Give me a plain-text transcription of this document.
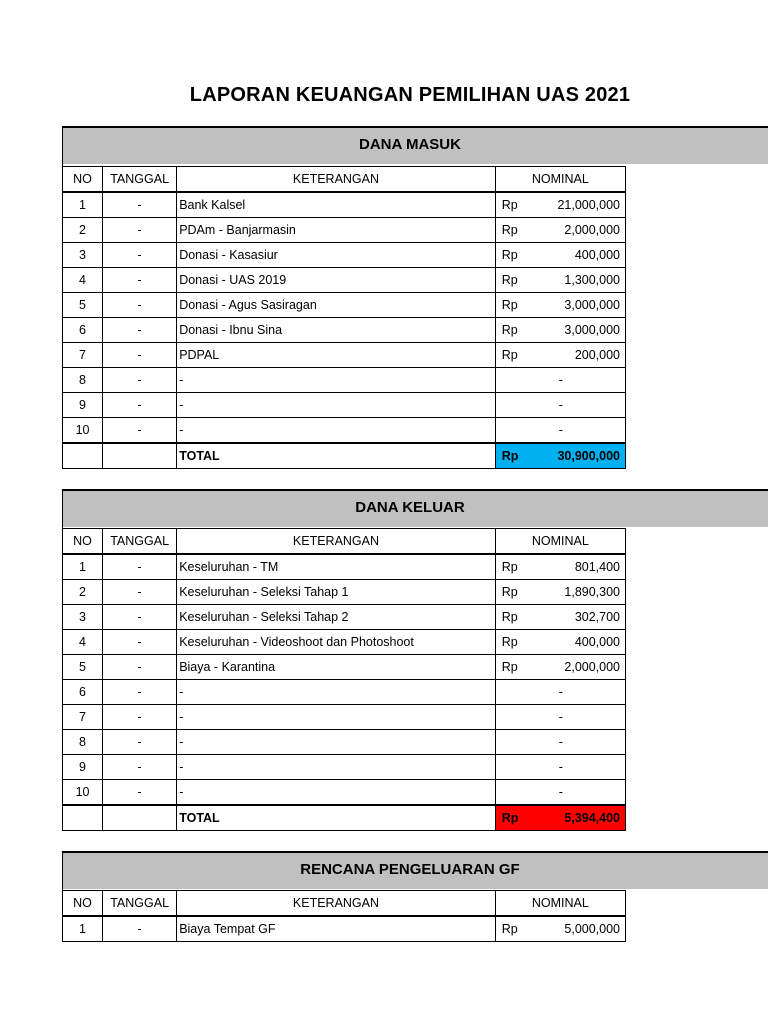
LAPORAN KEUANGAN PEMILIHAN UAS 2021
DANA MASUK
NO	TANGGAL	KETERANGAN	NOMINAL
1	-	Bank Kalsel	Rp 21,000,000

2	-	PDAm - Banjarmasin	Rp 2,000,000

3	-	Donasi - Kasasiur	Rp 400,000

4	-	Donasi - UAS 2019	Rp 1,300,000

5	-	Donasi - Agus Sasiragan	Rp 3,000,000

6	-	Donasi - Ibnu Sina	Rp 3,000,000

7	-	PDPAL	Rp 200,000

8	-	-	-

9	-	-	-

10	-	-	-

		TOTAL	Rp 30,900,000
DANA KELUAR
NO	TANGGAL	KETERANGAN	NOMINAL
1	-	Keseluruhan - TM	Rp 801,400

2	-	Keseluruhan - Seleksi Tahap 1	Rp 1,890,300

3	-	Keseluruhan - Seleksi Tahap 2	Rp 302,700

4	-	Keseluruhan - Videoshoot dan Photoshoot	Rp 400,000

5	-	Biaya - Karantina	Rp 2,000,000

6	-	-	-

7	-	-	-

8	-	-	-

9	-	-	-

10	-	-	-

		TOTAL	Rp 5,394,400
RENCANA PENGELUARAN GF
NO	TANGGAL	KETERANGAN	NOMINAL
1	-	Biaya Tempat GF	Rp 5,000,000
